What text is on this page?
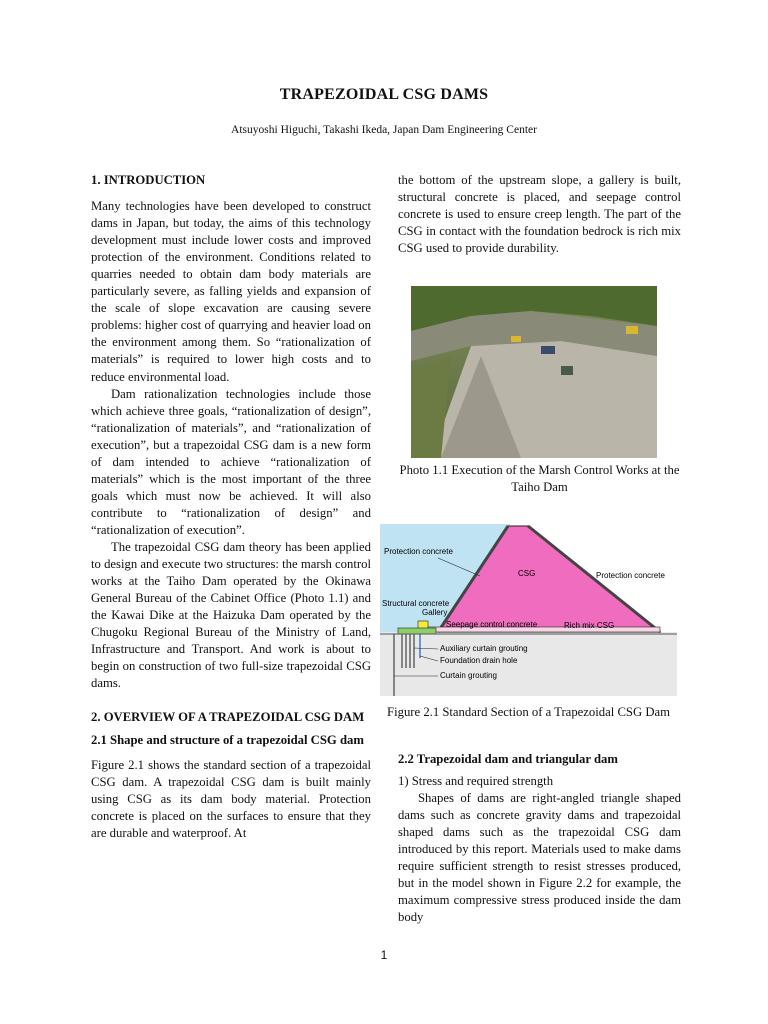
TRAPEZOIDAL CSG DAMS
Atsuyoshi Higuchi, Takashi Ikeda, Japan Dam Engineering Center
1. INTRODUCTION

Many technologies have been developed to construct dams in Japan, but today, the aims of this technology development must include lower costs and improved protection of the environment. Conditions related to quarries needed to obtain dam body materials are particularly severe, as falling yields and expansion of the scale of slope excavation are causing severe problems: higher cost of quarrying and heavier load on the environment among them. So “rationalization of materials” is required to lower high costs and to reduce environmental load.

Dam rationalization technologies include those which achieve three goals, “rationalization of design”, “rationalization of materials”, and “rationalization of execution”, but a trapezoidal CSG dam is a new form of dam intended to achieve “rationalization of materials” which is the most important of the three goals which must now be achieved. It will also contribute to “rationalization of design” and “rationalization of execution”.

The trapezoidal CSG dam theory has been applied to design and execute two structures: the marsh control works at the Taiho Dam operated by the Okinawa General Bureau of the Cabinet Office (Photo 1.1) and the Kawai Dike at the Haizuka Dam operated by the Chugoku Regional Bureau of the Ministry of Land, Infrastructure and Transport. And work is about to begin on construction of two full-size trapezoidal CSG dams.

2. OVERVIEW OF A TRAPEZOIDAL CSG DAM
2.1 Shape and structure of a trapezoidal CSG dam

Figure 2.1 shows the standard section of a trapezoidal CSG dam. A trapezoidal CSG dam is built mainly using CSG as its dam body material. Protection concrete is placed on the surfaces to ensure that they are durable and waterproof. At

the bottom of the upstream slope, a gallery is built, structural concrete is placed, and seepage control concrete is used to ensure creep length. The part of the CSG in contact with the foundation bedrock is rich mix CSG used to provide durability.

Photo 1.1 Execution of the Marsh Control Works at the Taiho Dam
Protection concrete
CSG	Protection concrete
Structural concrete
Gallery
Seepage control concrete	Rich mix CSG
Auxiliary curtain grouting
Foundation drain hole
Curtain grouting
Figure 2.1 Standard Section of a Trapezoidal CSG Dam
2.2 Trapezoidal dam and triangular dam

1) Stress and required strength

Shapes of dams are right-angled triangle shaped dams such as concrete gravity dams and trapezoidal shaped dams such as the trapezoidal CSG dam introduced by this report. Materials used to make dams require sufficient strength to resist stresses produced, but in the model shown in Figure 2.2 for example, the maximum compressive stress produced inside the dam body

1
